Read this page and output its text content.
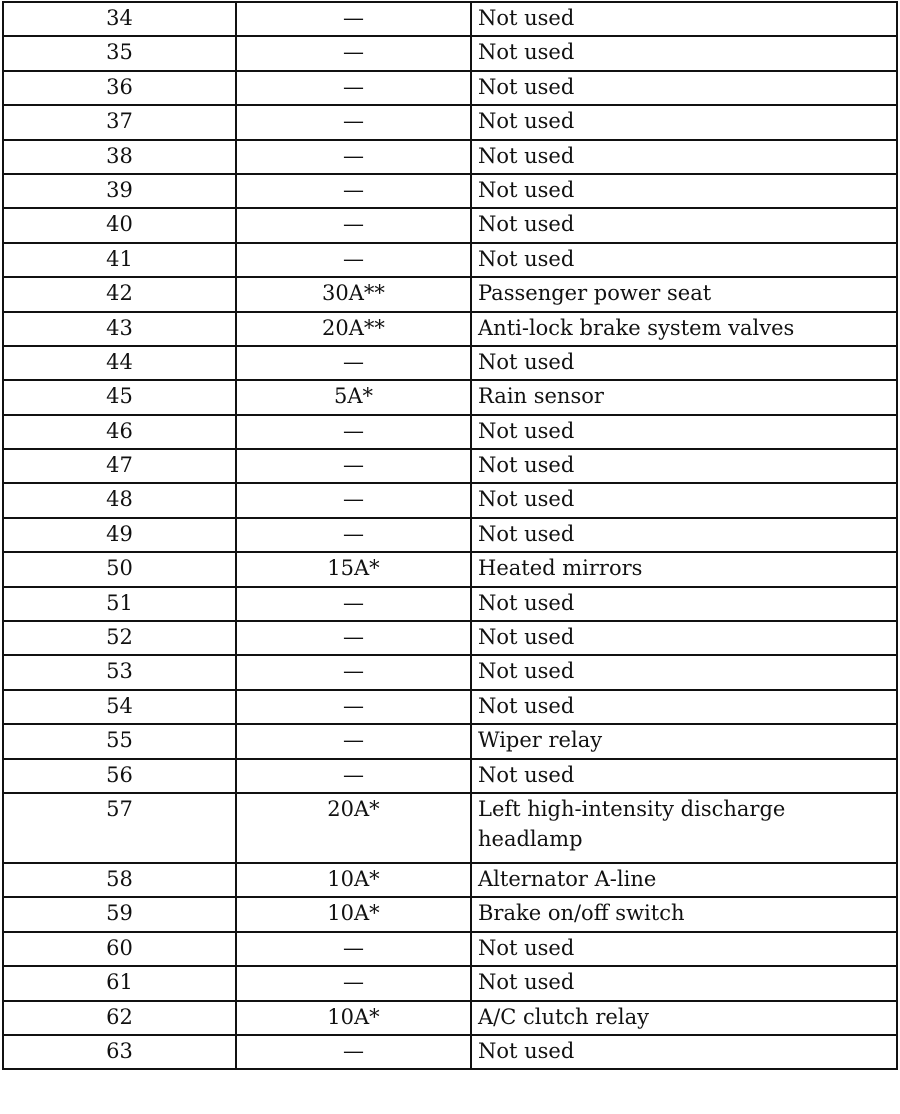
34	—	Not used
35	—	Not used
36	—	Not used
37	—	Not used
38	—	Not used
39	—	Not used
40	—	Not used
41	—	Not used
42	30A**	Passenger power seat
43	20A**	Anti-lock brake system valves
44	—	Not used
45	5A*	Rain sensor
46	—	Not used
47	—	Not used
48	—	Not used
49	—	Not used
50	15A*	Heated mirrors
51	—	Not used
52	—	Not used
53	—	Not used
54	—	Not used
55	—	Wiper relay
56	—	Not used
57	20A*	Left high-intensity discharge headlamp
58	10A*	Alternator A-line
59	10A*	Brake on/off switch
60	—	Not used
61	—	Not used
62	10A*	A/C clutch relay
63	—	Not used
